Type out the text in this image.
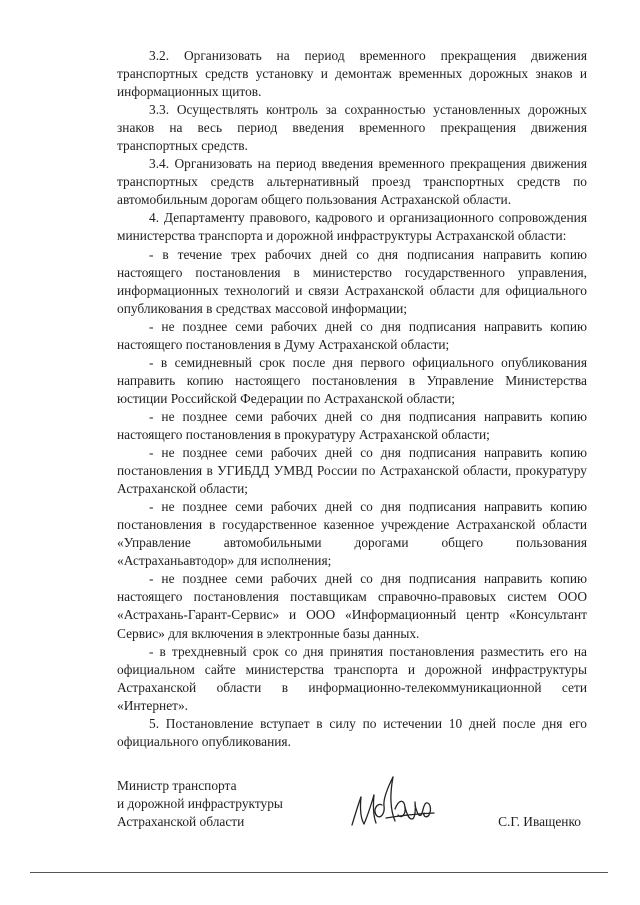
3.2. Организовать на период временного прекращения движения транспортных средств установку и демонтаж временных дорожных знаков и информационных щитов.

3.3. Осуществлять контроль за сохранностью установленных дорожных знаков на весь период введения временного прекращения движения транспортных средств.

3.4. Организовать на период введения временного прекращения движения транспортных средств альтернативный проезд транспортных средств по автомобильным дорогам общего пользования Астраханской области.

4. Департаменту правового, кадрового и организационного сопровождения министерства транспорта и дорожной инфраструктуры Астраханской области:

- в течение трех рабочих дней со дня подписания направить копию настоящего постановления в министерство государственного управления, информационных технологий и связи Астраханской области для официального опубликования в средствах массовой информации;

- не позднее семи рабочих дней со дня подписания направить копию настоящего постановления в Думу Астраханской области;

- в семидневный срок после дня первого официального опубликования направить копию настоящего постановления в Управление Министерства юстиции Российской Федерации по Астраханской области;

- не позднее семи рабочих дней со дня подписания направить копию настоящего постановления в прокуратуру Астраханской области;

- не позднее семи рабочих дней со дня подписания направить копию постановления в УГИБДД УМВД России по Астраханской области, прокуратуру Астраханской области;

- не позднее семи рабочих дней со дня подписания направить копию постановления в государственное казенное учреждение Астраханской области «Управление автомобильными дорогами общего пользования «Астраханьавтодор» для исполнения;

- не позднее семи рабочих дней со дня подписания направить копию настоящего постановления поставщикам справочно-правовых систем ООО «Астрахань-Гарант-Сервис» и ООО «Информационный центр «Консультант Сервис» для включения в электронные базы данных.

- в трехдневный срок со дня принятия постановления разместить его на официальном сайте министерства транспорта и дорожной инфраструктуры Астраханской области в информационно-телекоммуникационной сети «Интернет».

5. Постановление вступает в силу по истечении 10 дней после дня его официального опубликования.

Министр транспорта
и дорожной инфраструктуры
Астраханской области	С.Г. Иващенко
